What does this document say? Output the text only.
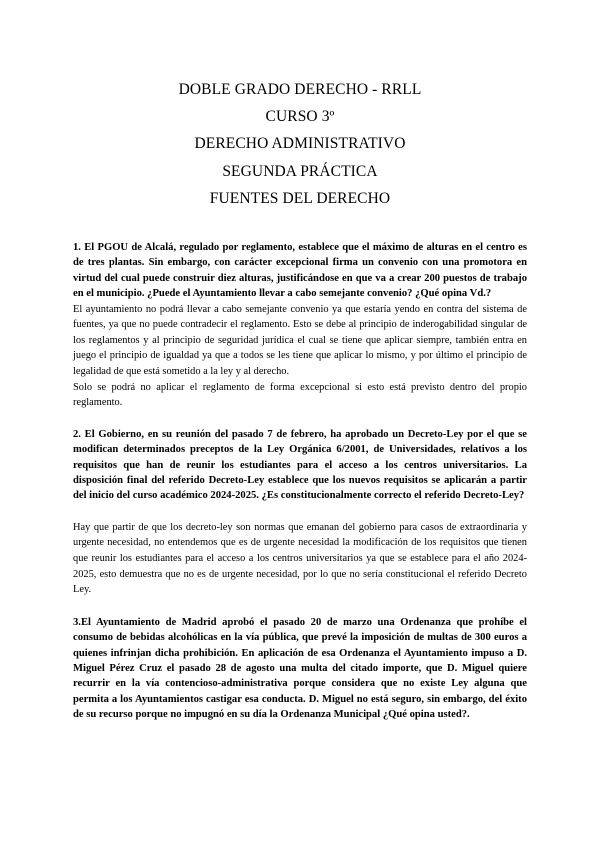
DOBLE GRADO DERECHO - RRLL
CURSO 3º
DERECHO ADMINISTRATIVO
SEGUNDA PRÁCTICA
FUENTES DEL DERECHO

1. El PGOU de Alcalá, regulado por reglamento, establece que el máximo de alturas en el centro es de tres plantas. Sin embargo, con carácter excepcional firma un convenio con una promotora en virtud del cual puede construir diez alturas, justificándose en que va a crear 200 puestos de trabajo en el municipio. ¿Puede el Ayuntamiento llevar a cabo semejante convenio? ¿Qué opina Vd.?

El ayuntamiento no podrá llevar a cabo semejante convenio ya que estaría yendo en contra del sistema de fuentes, ya que no puede contradecir el reglamento. Esto se debe al principio de inderogabilidad singular de los reglamentos y al principio de seguridad jurídica el cual se tiene que aplicar siempre, también entra en juego el principio de igualdad ya que a todos se les tiene que aplicar lo mismo, y por último el principio de legalidad de que está sometido a la ley y al derecho.

Solo se podrá no aplicar el reglamento de forma excepcional si esto está previsto dentro del propio reglamento.

2. El Gobierno, en su reunión del pasado 7 de febrero, ha aprobado un Decreto-Ley por el que se modifican determinados preceptos de la Ley Orgánica 6/2001, de Universidades, relativos a los requisitos que han de reunir los estudiantes para el acceso a los centros universitarios. La disposición final del referido Decreto-Ley establece que los nuevos requisitos se aplicarán a partir del inicio del curso académico 2024-2025. ¿Es constitucionalmente correcto el referido Decreto-Ley?

Hay que partir de que los decreto-ley son normas que emanan del gobierno para casos de extraordinaria y urgente necesidad, no entendemos que es de urgente necesidad la modificación de los requisitos que tienen que reunir los estudiantes para el acceso a los centros universitarios ya que se establece para el año 2024- 2025, esto demuestra que no es de urgente necesidad, por lo que no sería constitucional el referido Decreto Ley.

3.El Ayuntamiento de Madrid aprobó el pasado 20 de marzo una Ordenanza que prohíbe el consumo de bebidas alcohólicas en la vía pública, que prevé la imposición de multas de 300 euros a quienes infrinjan dicha prohibición. En aplicación de esa Ordenanza el Ayuntamiento impuso a D. Miguel Pérez Cruz el pasado 28 de agosto una multa del citado importe, que D. Miguel quiere recurrir en la vía contencioso-administrativa porque considera que no existe Ley alguna que permita a los Ayuntamientos castigar esa conducta. D. Miguel no está seguro, sin embargo, del éxito de su recurso porque no impugnó en su día la Ordenanza Municipal ¿Qué opina usted?.
